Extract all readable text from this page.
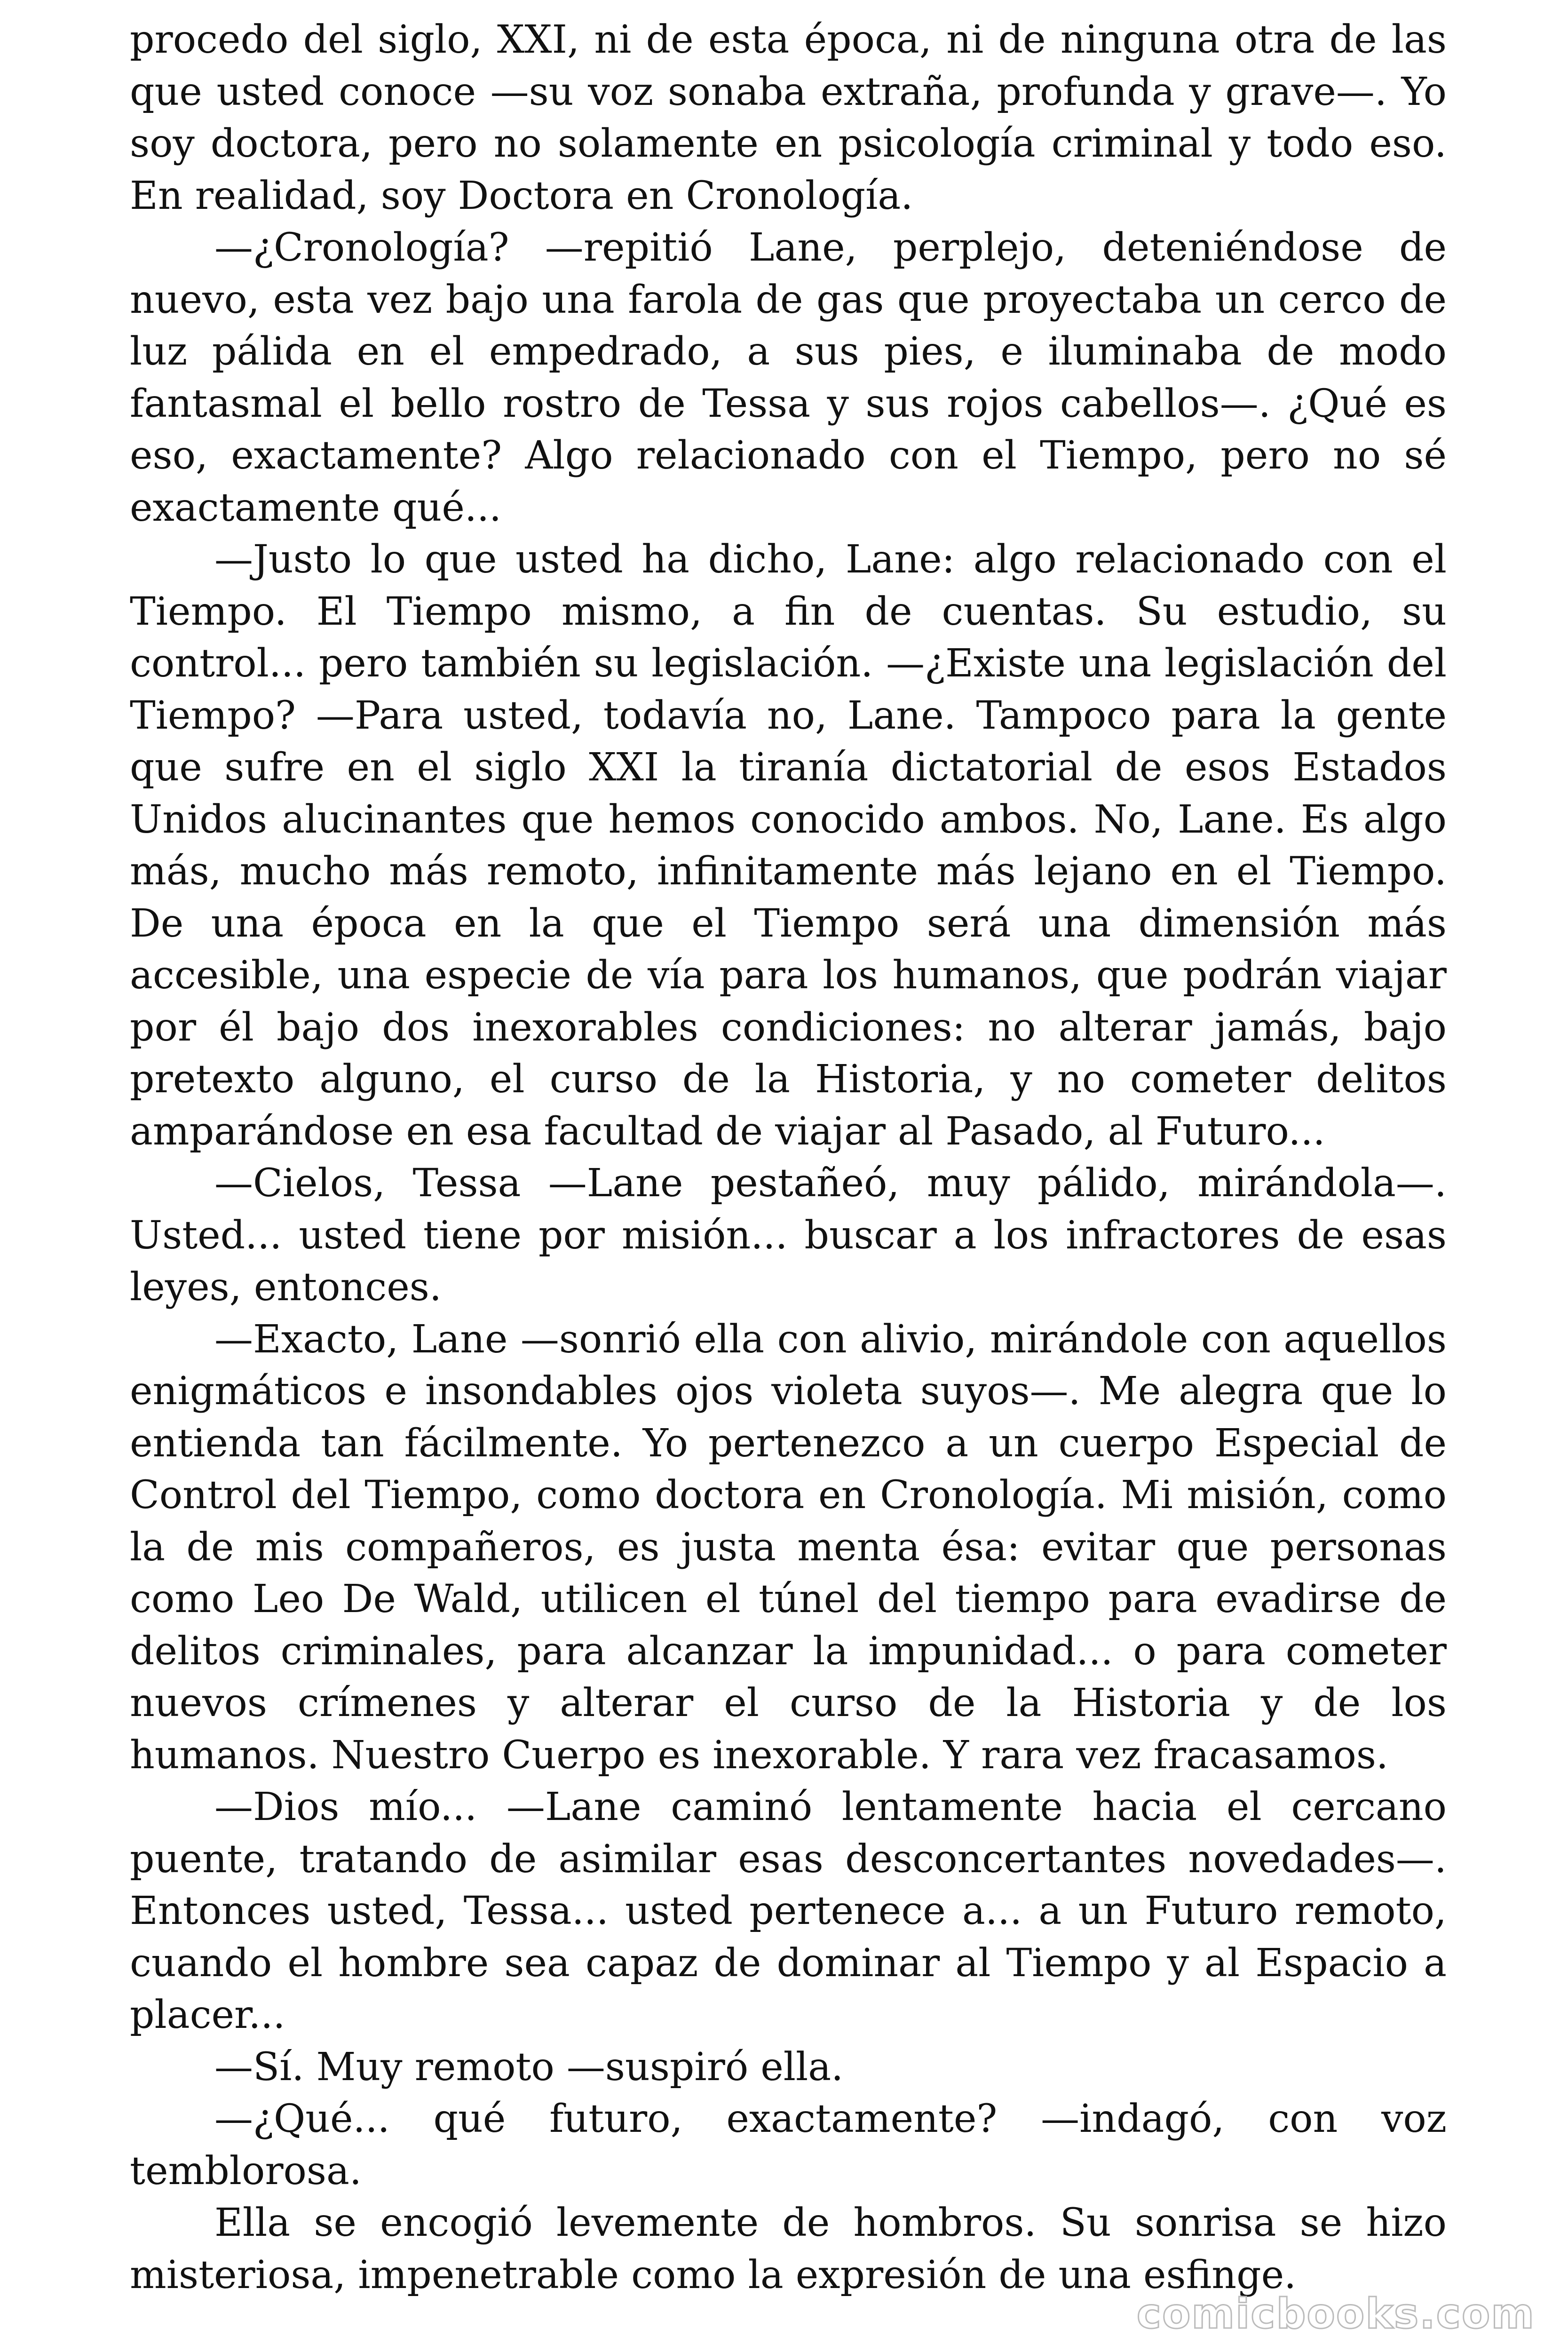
procedo del siglo, XXI, ni de esta época, ni de ninguna otra de las que usted conoce —su voz sonaba extraña, profunda y grave—. Yo soy doctora, pero no solamente en psicología criminal y todo eso. En realidad, soy Doctora en Cronología.

—¿Cronología? —repitió Lane, perplejo, deteniéndose de nuevo, esta vez bajo una farola de gas que proyectaba un cerco de luz pálida en el empedrado, a sus pies, e iluminaba de modo fantasmal el bello rostro de Tessa y sus rojos cabellos—. ¿Qué es eso, exactamente? Algo relacionado con el Tiempo, pero no sé exactamente qué...

—Justo lo que usted ha dicho, Lane: algo relacionado con el Tiempo. El Tiempo mismo, a fin de cuentas. Su estudio, su control... pero también su legislación. —¿Existe una legislación del Tiempo? —Para usted, todavía no, Lane. Tampoco para la gente que sufre en el siglo XXI la tiranía dictatorial de esos Estados Unidos alucinantes que hemos conocido ambos. No, Lane. Es algo más, mucho más remoto, infinitamente más lejano en el Tiempo. De una época en la que el Tiempo será una dimensión más accesible, una especie de vía para los humanos, que podrán viajar por él bajo dos inexorables condiciones: no alterar jamás, bajo pretexto alguno, el curso de la Historia, y no cometer delitos amparándose en esa facultad de viajar al Pasado, al Futuro...

—Cielos, Tessa —Lane pestañeó, muy pálido, mirándola—. Usted... usted tiene por misión... buscar a los infractores de esas leyes, entonces.

—Exacto, Lane —sonrió ella con alivio, mirándole con aquellos enigmáticos e insondables ojos violeta suyos—. Me alegra que lo entienda tan fácilmente. Yo pertenezco a un cuerpo Especial de Control del Tiempo, como doctora en Cronología. Mi misión, como la de mis compañeros, es justa menta ésa: evitar que personas como Leo De Wald, utilicen el túnel del tiempo para evadirse de delitos criminales, para alcanzar la impunidad... o para cometer nuevos crímenes y alterar el curso de la Historia y de los humanos. Nuestro Cuerpo es inexorable. Y rara vez fracasamos.

—Dios mío... —Lane caminó lentamente hacia el cercano puente, tratando de asimilar esas desconcertantes novedades—. Entonces usted, Tessa... usted pertenece a... a un Futuro remoto, cuando el hombre sea capaz de dominar al Tiempo y al Espacio a placer...

—Sí. Muy remoto —suspiró ella.

—¿Qué... qué futuro, exactamente? —indagó, con voz temblorosa.

Ella se encogió levemente de hombros. Su sonrisa se hizo misteriosa, impenetrable como la expresión de una esfinge.

comicbooks.com
